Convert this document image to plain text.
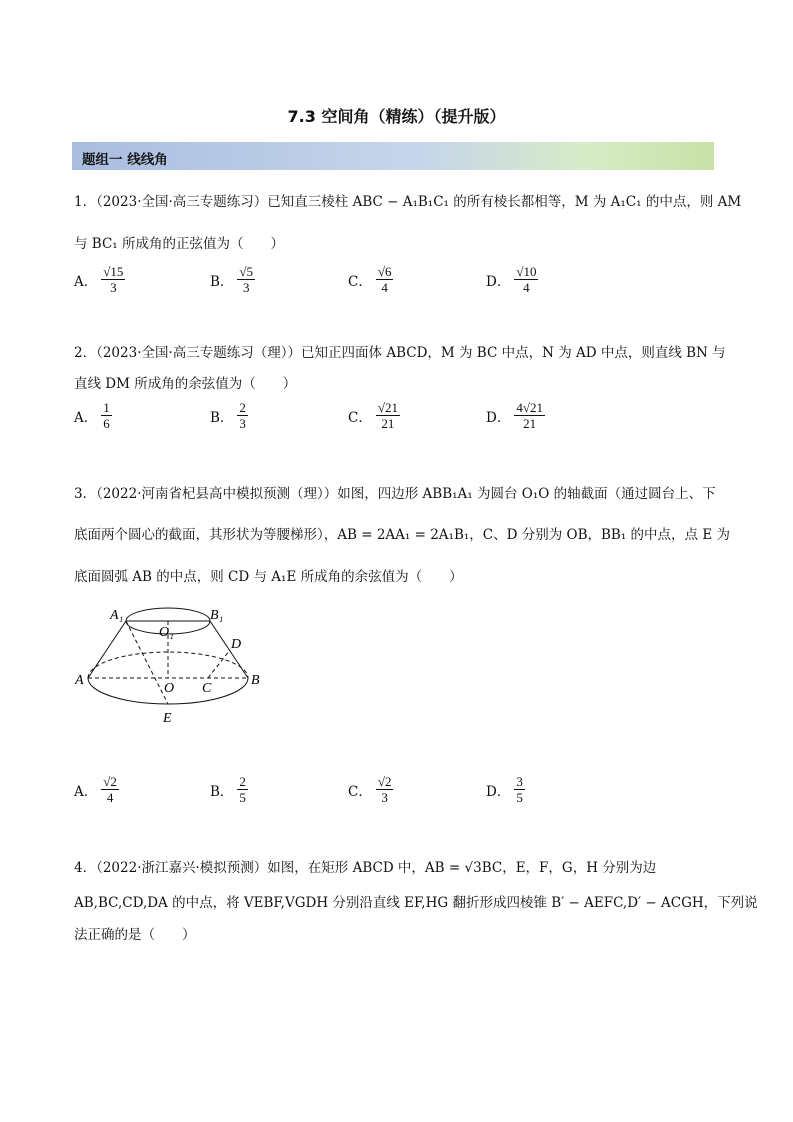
7.3 空间角（精练）（提升版）
题组一 线线角
1．（2023·全国·高三专题练习）已知直三棱柱 ABC − A₁B₁C₁ 的所有棱长都相等，M 为 A₁C₁ 的中点，则 AM
与 BC₁ 所成角的正弦值为（　　）
A． $\frac{√15}{3}$	B． $\frac{√5}{3}$	C． $\frac{√6}{4}$	D． $\frac{√10}{4}$
2．（2023·全国·高三专题练习（理））已知正四面体 ABCD，M 为 BC 中点，N 为 AD 中点，则直线 BN 与
直线 DM 所成角的余弦值为（　　）
A． $\frac{1}{6}$	B． $\frac{2}{3}$	C． $\frac{√21}{21}$	D． $\frac{4√21}{21}$
3．（2022·河南省杞县高中模拟预测（理））如图，四边形 ABB₁A₁ 为圆台 O₁O 的轴截面（通过圆台上、下
底面两个圆心的截面，其形状为等腰梯形），AB = 2AA₁ = 2A₁B₁，C、D 分别为 OB，BB₁ 的中点，点 E 为
底面圆弧 AB 的中点，则 CD 与 A₁E 所成角的余弦值为（　　）
A₁	B₁
O₁
A	B
O C
D
E
A． $\frac{√2}{4}$	B． $\frac{2}{5}$	C． $\frac{√2}{3}$	D． $\frac{3}{5}$
4．（2022·浙江嘉兴·模拟预测）如图，在矩形 ABCD 中，AB = √3BC，E，F，G，H 分别为边
AB,BC,CD,DA 的中点，将 VEBF,VGDH 分别沿直线 EF,HG 翻折形成四棱锥 B′ − AEFC,D′ − ACGH，下列说
法正确的是（　　）
